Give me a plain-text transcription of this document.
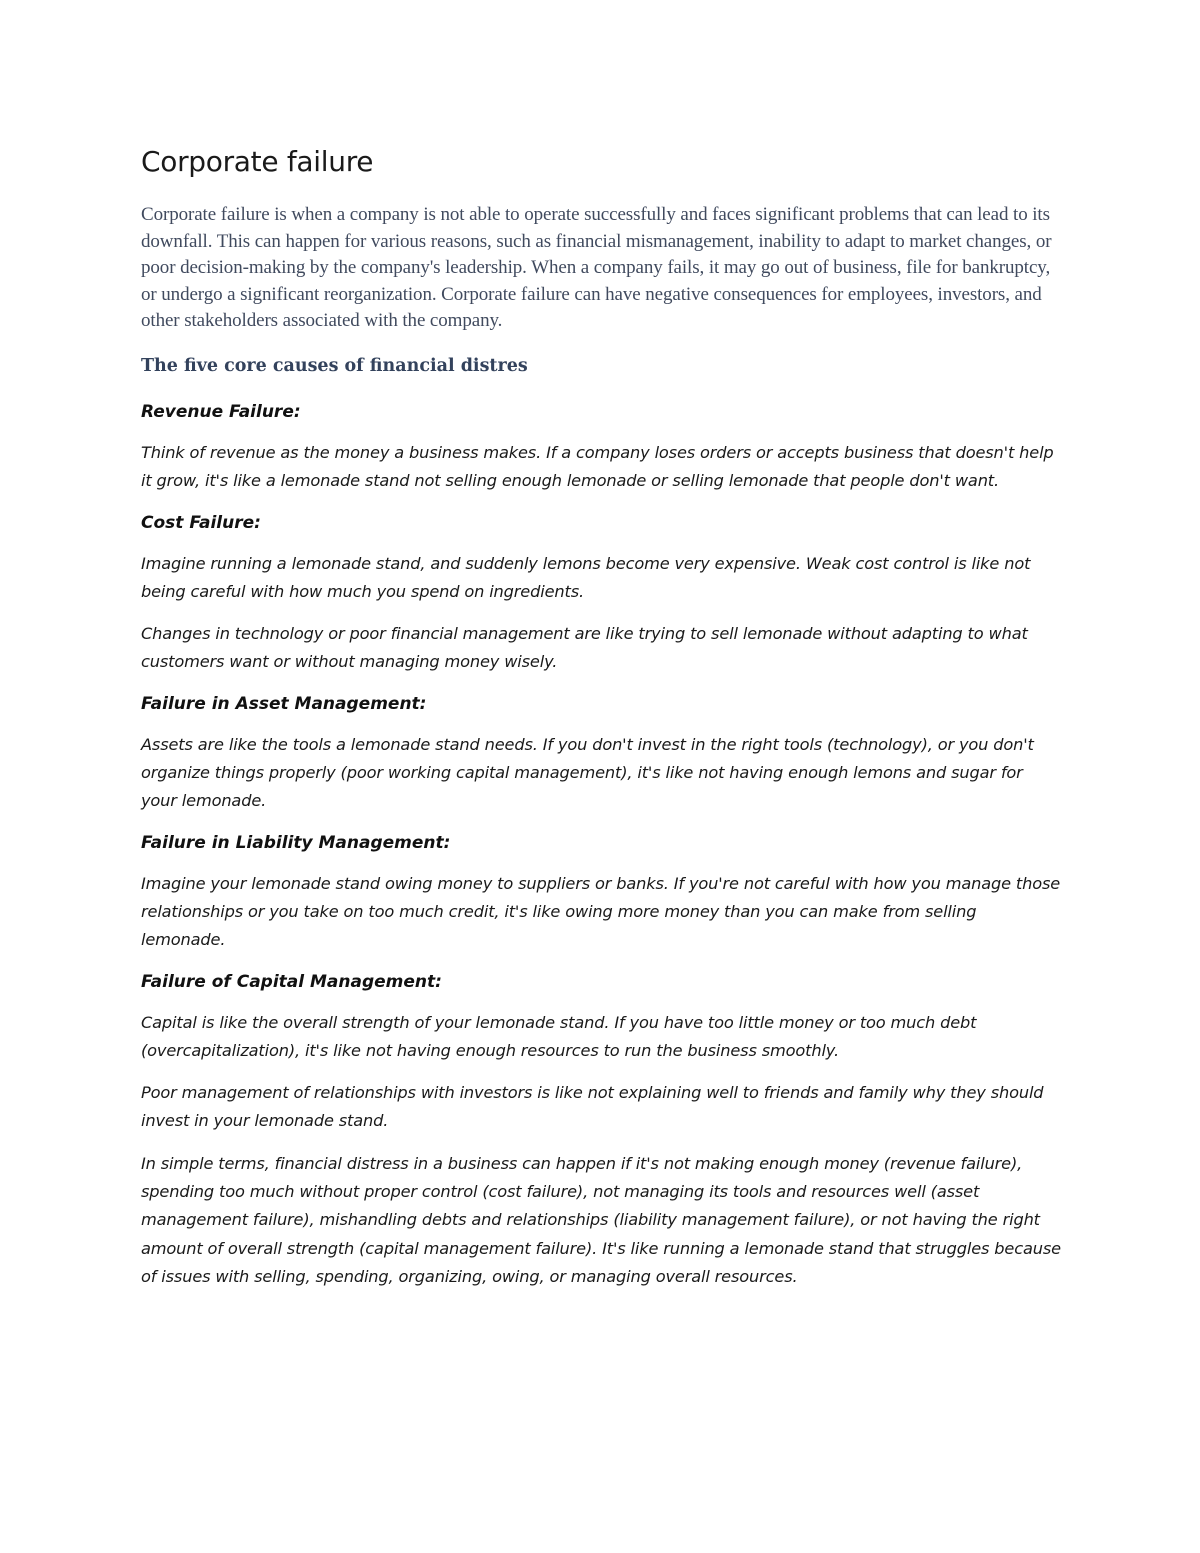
Corporate failure

Corporate failure is when a company is not able to operate successfully and faces significant problems that can lead to its downfall. This can happen for various reasons, such as financial mismanagement, inability to adapt to market changes, or poor decision-making by the company's leadership. When a company fails, it may go out of business, file for bankruptcy, or undergo a significant reorganization. Corporate failure can have negative consequences for employees, investors, and other stakeholders associated with the company.

The five core causes of financial distres
Revenue Failure:

Think of revenue as the money a business makes. If a company loses orders or accepts business that doesn't help it grow, it's like a lemonade stand not selling enough lemonade or selling lemonade that people don't want.

Cost Failure:

Imagine running a lemonade stand, and suddenly lemons become very expensive. Weak cost control is like not being careful with how much you spend on ingredients.

Changes in technology or poor financial management are like trying to sell lemonade without adapting to what customers want or without managing money wisely.

Failure in Asset Management:

Assets are like the tools a lemonade stand needs. If you don't invest in the right tools (technology), or you don't organize things properly (poor working capital management), it's like not having enough lemons and sugar for your lemonade.

Failure in Liability Management:

Imagine your lemonade stand owing money to suppliers or banks. If you're not careful with how you manage those relationships or you take on too much credit, it's like owing more money than you can make from selling lemonade.

Failure of Capital Management:

Capital is like the overall strength of your lemonade stand. If you have too little money or too much debt (overcapitalization), it's like not having enough resources to run the business smoothly.

Poor management of relationships with investors is like not explaining well to friends and family why they should invest in your lemonade stand.

In simple terms, financial distress in a business can happen if it's not making enough money (revenue failure), spending too much without proper control (cost failure), not managing its tools and resources well (asset management failure), mishandling debts and relationships (liability management failure), or not having the right amount of overall strength (capital management failure). It's like running a lemonade stand that struggles because of issues with selling, spending, organizing, owing, or managing overall resources.
